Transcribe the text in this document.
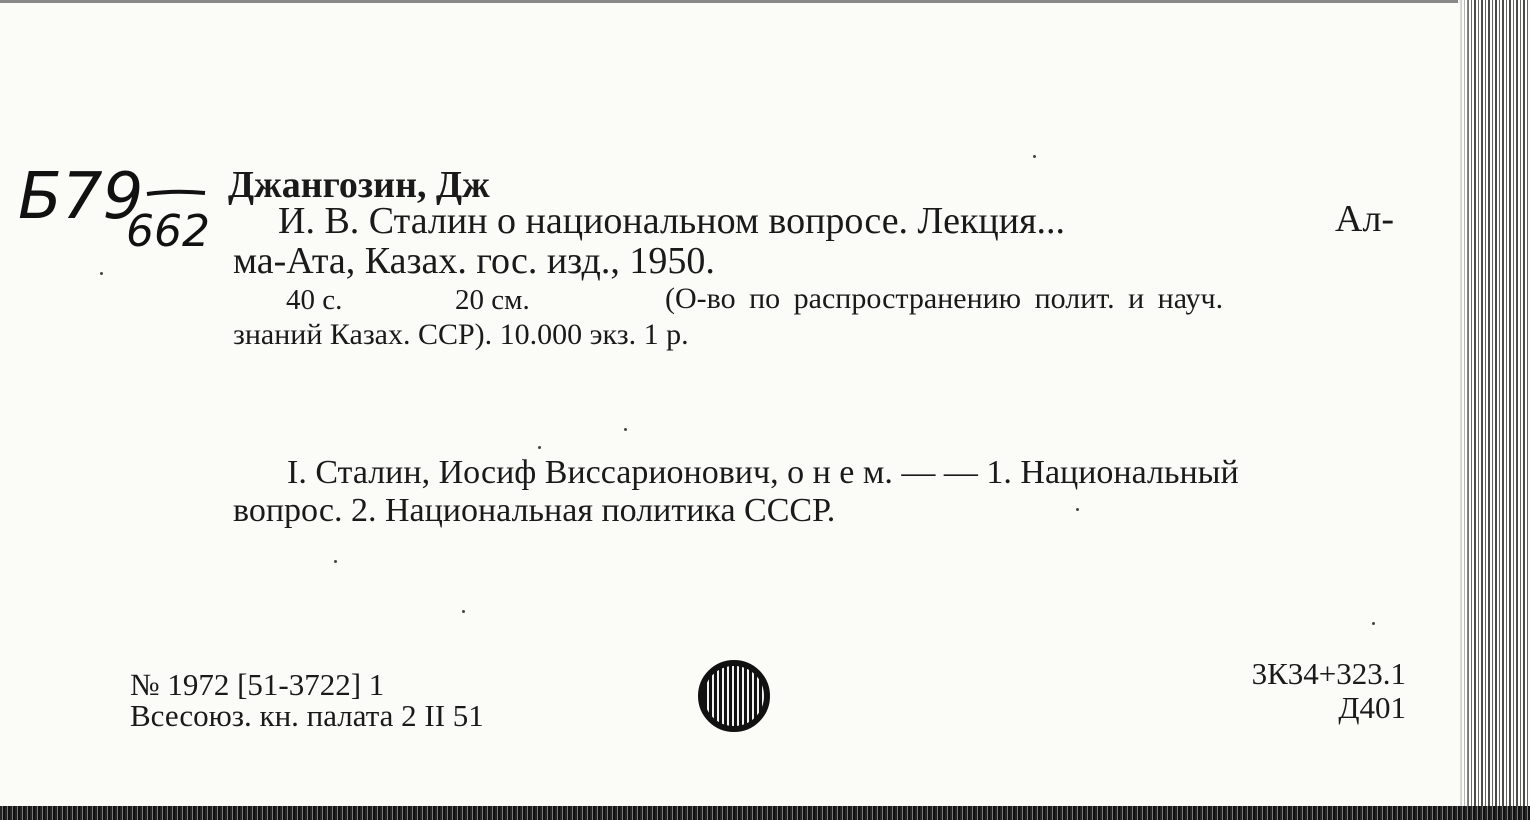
Б79
662
Джангозин, Дж
И. В. Сталин о национальном вопросе. Лекция...	Ал-
ма-Ата, Казах. гос. изд., 1950.
40 с.	20 см.	(О-во по распространению полит. и науч.
знаний Казах. ССР). 10.000 экз. 1 р.
I. Сталин, Иосиф Виссарионович, о н е м. — — 1. Национальный
вопрос. 2. Национальная политика СССР.
№ 1972 [51-3722] 1
Всесоюз. кн. палата 2 II 51
3К34+323.1
Д401
